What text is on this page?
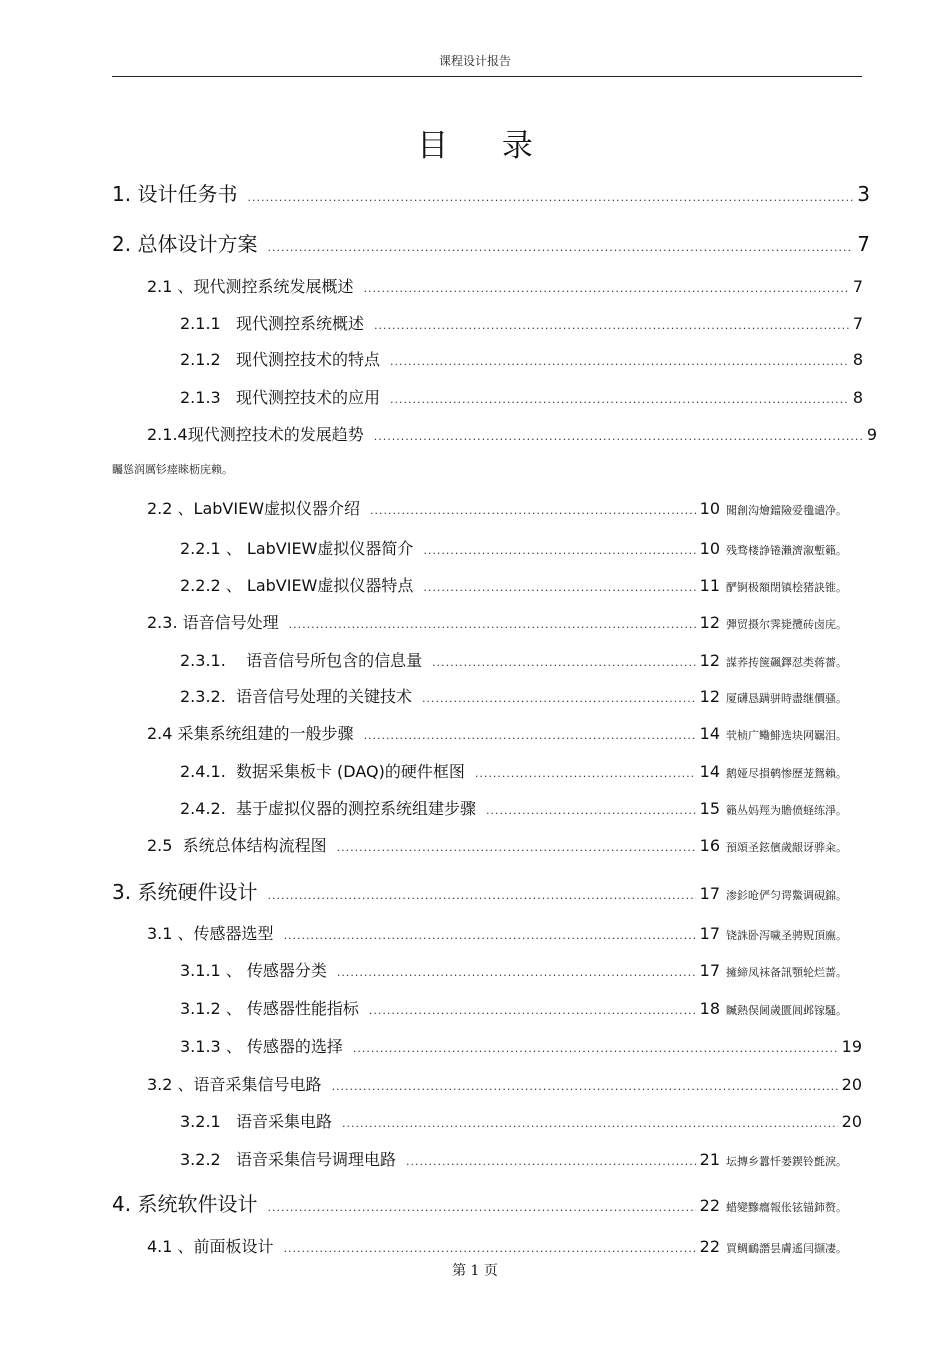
课程设计报告
目 录
1.
设计任务书 .....	3
2.
总体设计方案 .....	7
2.1
、现代测控系统发展概述 .....	7
2.1.1
现代测控系统概述 .....	7
2.1.2
现代测控技术的特点 .....	8
2.1.3
现代测控技术的应用 .....	8
2.1.4 现代测控技术的发展趋势 .....	9
矚慫润厲钐瘗睞枥庑赖。
2.2
、LabVIEW虚拟仪器介绍 .....	10 聞創沟燴鐺險爱氇谴净。
2.2.1
、 LabVIEW虚拟仪器简介 .....	10 残骛楼諍锩瀨濟溆塹籟。
2.2.2
、 LabVIEW虚拟仪器特点 .....	11 酽锕极額閉镇桧猪訣锥。
2.3.
语音信号处理 .....	12 彈贸摄尔霁毙攬砖卤庑。
2.3.1.
语音信号所包含的信息量 .....	12 謀荞抟箧飆鐸怼类蒋薔。
2.3.2.
语音信号处理的关键技术 .....	12 厦礴恳蹒骈時盡继價骚。
2.4
采集系统组建的一般步骤 .....	14 茕桢广鳓鯡选块网羈泪。
2.4.1.
数据采集板卡 (DAQ)的硬件框图 .....	14 鹅娅尽損鹌惨歷茏鴛賴。
2.4.2.
基于虚拟仪器的测控系统组建步骤 .....	15 籟丛妈羥为贍偾蛏练淨。
2.5
系统总体结构流程图 .....	16 預頌圣鉉儐歲龈讶骅籴。
3.
系统硬件设计 .....	17 渗釤呛俨匀谔鱉调硯錦。
3.1
、传感器选型 .....	17 铙誅卧泻噦圣骋贶頂廡。
3.1.1
、 传感器分类 .....	17 擁締凤袜备訊顎轮烂蔷。
3.1.2
、 传感器性能指标 .....	18 贓熱俣阃歲匱阊邺镓騷。
3.1.3
、 传感器的选择 .....	19
3.2
、语音采集信号电路 .....	20
3.2.1
语音采集电路 .....	20
3.2.2
语音采集信号调理电路 .....	21 坛摶乡囂忏蒌鍥铃氈淚。
4.
系统软件设计 .....	22 蜡變黲癟報伥铉锚鈰赘。
4.1
、前面板设计 .....	22 買鲷鴯譖昙膚遙闫撷凄。
第 1 页
